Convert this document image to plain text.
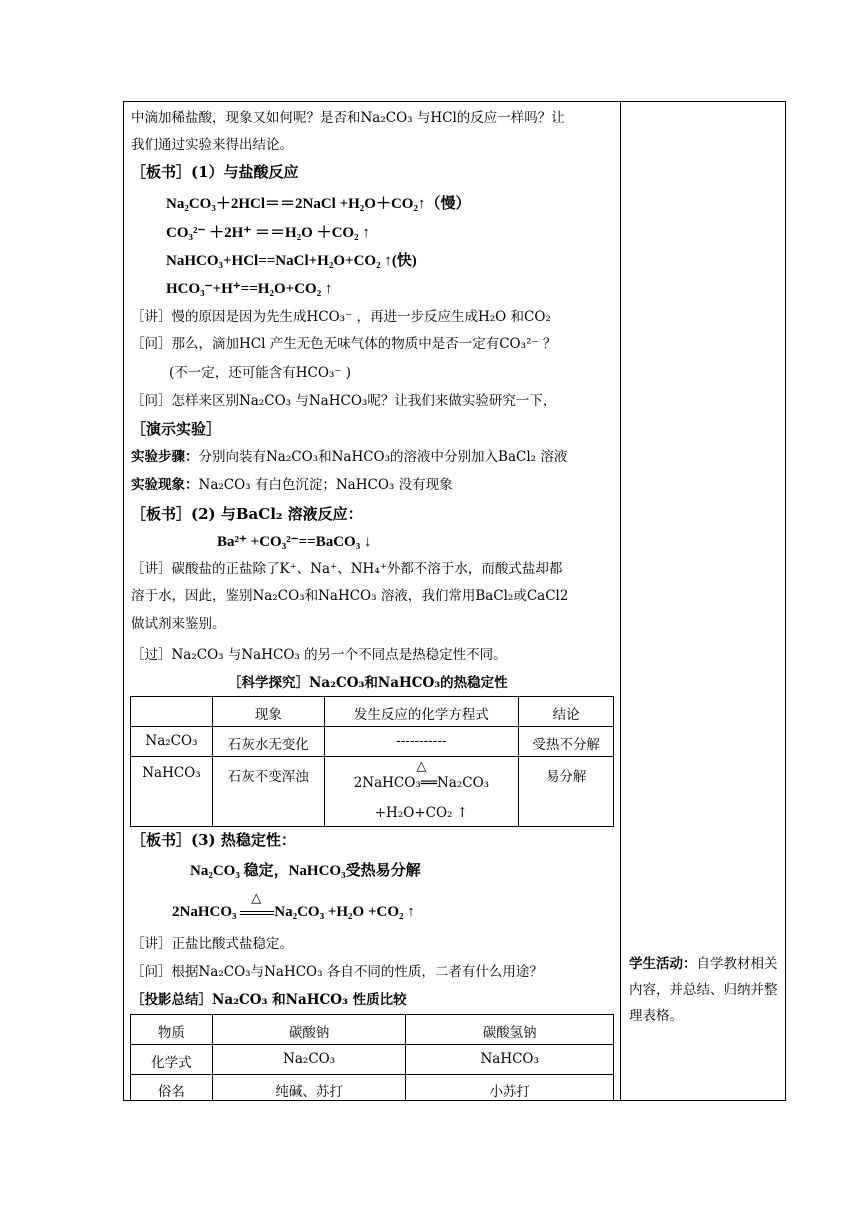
中滴加稀盐酸，现象又如何呢？是否和Na₂CO₃ 与HCl的反应一样吗？让
我们通过实验来得出结论。
［板书］(1）与盐酸反应
Na₂CO₃＋2HCl＝＝2NaCl +H₂O＋CO₂↑（慢）
CO₃²⁻ ＋2H⁺ ＝＝H₂O ＋CO₂ ↑
NaHCO₃+HCl==NaCl+H₂O+CO₂ ↑(快)
HCO₃⁻+H⁺==H₂O+CO₂ ↑
［讲］慢的原因是因为先生成HCO₃⁻ ，再进一步反应生成H₂O 和CO₂
［问］那么，滴加HCl 产生无色无味气体的物质中是否一定有CO₃²⁻ ？
(不一定，还可能含有HCO₃⁻ )
［问］怎样来区别Na₂CO₃ 与NaHCO₃呢？让我们来做实验研究一下，
［演示实验］
实验步骤：分别向装有Na₂CO₃和NaHCO₃的溶液中分别加入BaCl₂ 溶液
实验现象：Na₂CO₃ 有白色沉淀；NaHCO₃ 没有现象
［板书］(2) 与BaCl₂ 溶液反应：
Ba²⁺ +CO₃²⁻==BaCO₃ ↓
［讲］碳酸盐的正盐除了K⁺、Na⁺、NH₄⁺外都不溶于水，而酸式盐却都
溶于水，因此，鉴别Na₂CO₃和NaHCO₃ 溶液，我们常用BaCl₂或CaCl2
做试剂来鉴别。
［过］Na₂CO₃ 与NaHCO₃ 的另一个不同点是热稳定性不同。
［科学探究］Na₂CO₃和NaHCO₃的热稳定性
	现象	发生反应的化学方程式	结论
Na₂CO₃	石灰水无变化	-----------	受热不分解
NaHCO₃	石灰不变浑浊	△
2NaHCO₃══Na₂CO₃
+H₂O+CO₂ ↑	易分解
［板书］(3) 热稳定性：
Na₂CO₃ 稳定，NaHCO₃受热易分解
2NaHCO₃
△
Na₂CO₃ +H₂O +CO₂ ↑
［讲］正盐比酸式盐稳定。
［问］根据Na₂CO₃与NaHCO₃ 各自不同的性质，二者有什么用途？
［投影总结］Na₂CO₃ 和NaHCO₃ 性质比较
物质	碳酸钠	碳酸氢钠
化学式	Na₂CO₃	NaHCO₃
俗名	纯碱、苏打	小苏打
学生活动：自学教材相关内容，并总结、归纳并整理表格。
